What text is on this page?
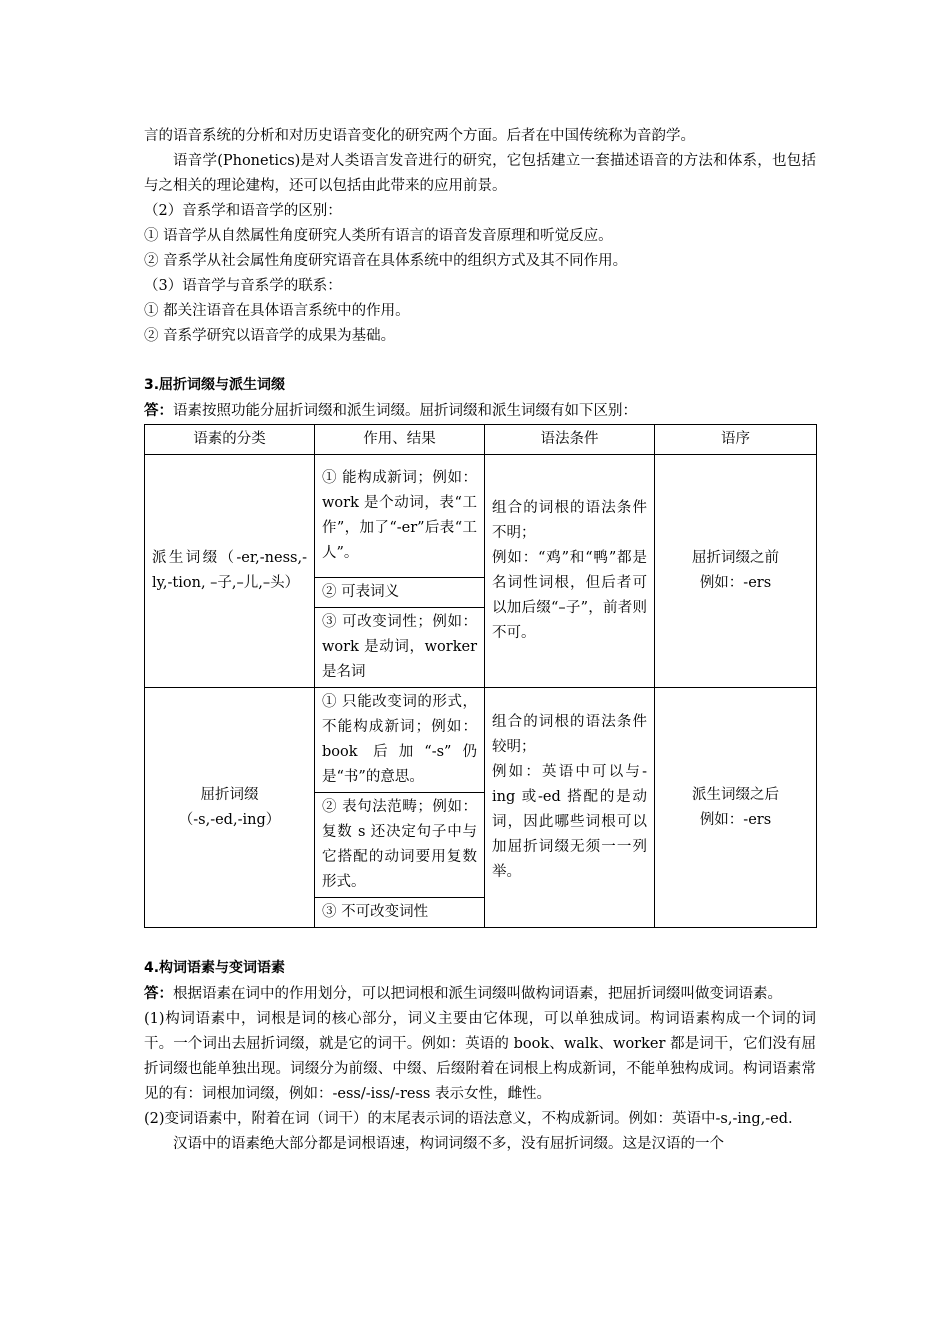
言的语音系统的分析和对历史语音变化的研究两个方面。后者在中国传统称为音韵学。

语音学(Phonetics)是对人类语言发音进行的研究，它包括建立一套描述语音的方法和体系，也包括与之相关的理论建构，还可以包括由此带来的应用前景。

（2）音系学和语音学的区别：

① 语音学从自然属性角度研究人类所有语言的语音发音原理和听觉反应。

② 音系学从社会属性角度研究语音在具体系统中的组织方式及其不同作用。

（3）语音学与音系学的联系：

① 都关注语音在具体语言系统中的作用。

② 音系学研究以语音学的成果为基础。

3.屈折词缀与派生词缀

答：语素按照功能分屈折词缀和派生词缀。屈折词缀和派生词缀有如下区别：

语素的分类	作用、结果	语法条件	语序
派生词缀（-er,-ness,-ly,-tion, –子,–儿,–头）	① 能构成新词；例如：work 是个动词，表“工作”，加了“-er”后表“工人”。	组合的词根的语法条件不明；
例如：“鸡”和“鸭”都是名词性词根，但后者可以加后缀“–子”，前者则不可。	屈折词缀之前
例如：-ers

	② 可表词义		
	③ 可改变词性；例如：work 是动词，worker 是名词		

屈折词缀
（-s,-ed,-ing）	① 只能改变词的形式，不能构成新词；例如：book 后加“-s”仍是“书”的意思。	组合的词根的语法条件较明；
例如：英语中可以与-ing 或-ed 搭配的是动词，因此哪些词根可以加屈折词缀无须一一列举。	派生词缀之后
例如：-ers

	② 表句法范畴；例如：复数 s 还决定句子中与它搭配的动词要用复数形式。		
	③ 不可改变词性		

4.构词语素与变词语素

答：根据语素在词中的作用划分，可以把词根和派生词缀叫做构词语素，把屈折词缀叫做变词语素。

(1)构词语素中，词根是词的核心部分，词义主要由它体现，可以单独成词。构词语素构成一个词的词干。一个词出去屈折词缀，就是它的词干。例如：英语的 book、walk、worker 都是词干，它们没有屈折词缀也能单独出现。词缀分为前缀、中缀、后缀附着在词根上构成新词，不能单独构成词。构词语素常见的有：词根加词缀，例如：-ess/-iss/-ress 表示女性，雌性。

(2)变词语素中，附着在词（词干）的末尾表示词的语法意义，不构成新词。例如：英语中-s,-ing,-ed.

汉语中的语素绝大部分都是词根语速，构词词缀不多，没有屈折词缀。这是汉语的一个
